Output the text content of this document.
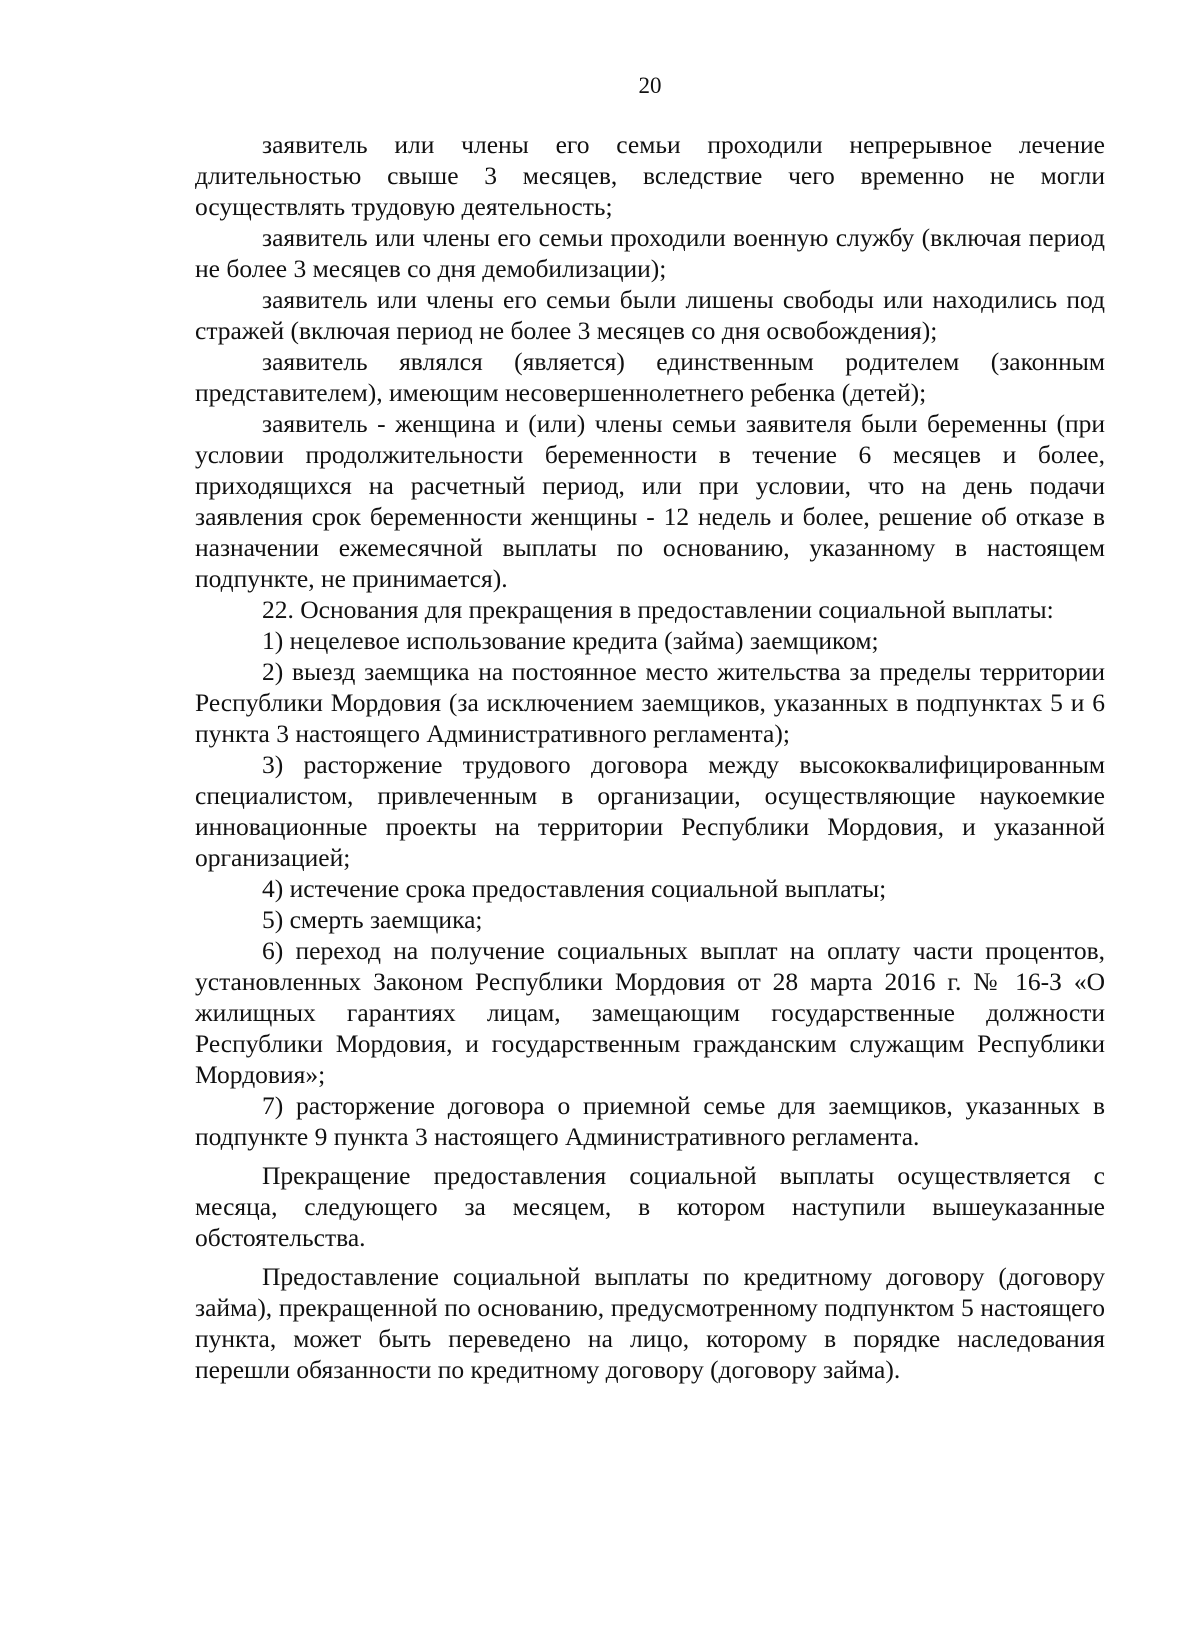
20

заявитель или члены его семьи проходили непрерывное лечение длительностью свыше 3 месяцев, вследствие чего временно не могли осуществлять трудовую деятельность;

заявитель или члены его семьи проходили военную службу (включая период не более 3 месяцев со дня демобилизации);

заявитель или члены его семьи были лишены свободы или находились под стражей (включая период не более 3 месяцев со дня освобождения);

заявитель являлся (является) единственным родителем (законным представителем), имеющим несовершеннолетнего ребенка (детей);

заявитель - женщина и (или) члены семьи заявителя были беременны (при условии продолжительности беременности в течение 6 месяцев и более, приходящихся на расчетный период, или при условии, что на день подачи заявления срок беременности женщины - 12 недель и более, решение об отказе в назначении ежемесячной выплаты по основанию, указанному в настоящем подпункте, не принимается).

22. Основания для прекращения в предоставлении социальной выплаты:

1) нецелевое использование кредита (займа) заемщиком;

2) выезд заемщика на постоянное место жительства за пределы территории Республики Мордовия (за исключением заемщиков, указанных в подпунктах 5 и 6 пункта 3 настоящего Административного регламента);

3) расторжение трудового договора между высококвалифицированным специалистом, привлеченным в организации, осуществляющие наукоемкие инновационные проекты на территории Республики Мордовия, и указанной организацией;

4) истечение срока предоставления социальной выплаты;

5) смерть заемщика;

6) переход на получение социальных выплат на оплату части процентов, установленных Законом Республики Мордовия от 28 марта 2016 г. № 16-З «О жилищных гарантиях лицам, замещающим государственные должности Республики Мордовия, и государственным гражданским служащим Республики Мордовия»;

7) расторжение договора о приемной семье для заемщиков, указанных в подпункте 9 пункта 3 настоящего Административного регламента.

Прекращение предоставления социальной выплаты осуществляется с месяца, следующего за месяцем, в котором наступили вышеуказанные обстоятельства.

Предоставление социальной выплаты по кредитному договору (договору займа), прекращенной по основанию, предусмотренному подпунктом 5 настоящего пункта, может быть переведено на лицо, которому в порядке наследования перешли обязанности по кредитному договору (договору займа).
